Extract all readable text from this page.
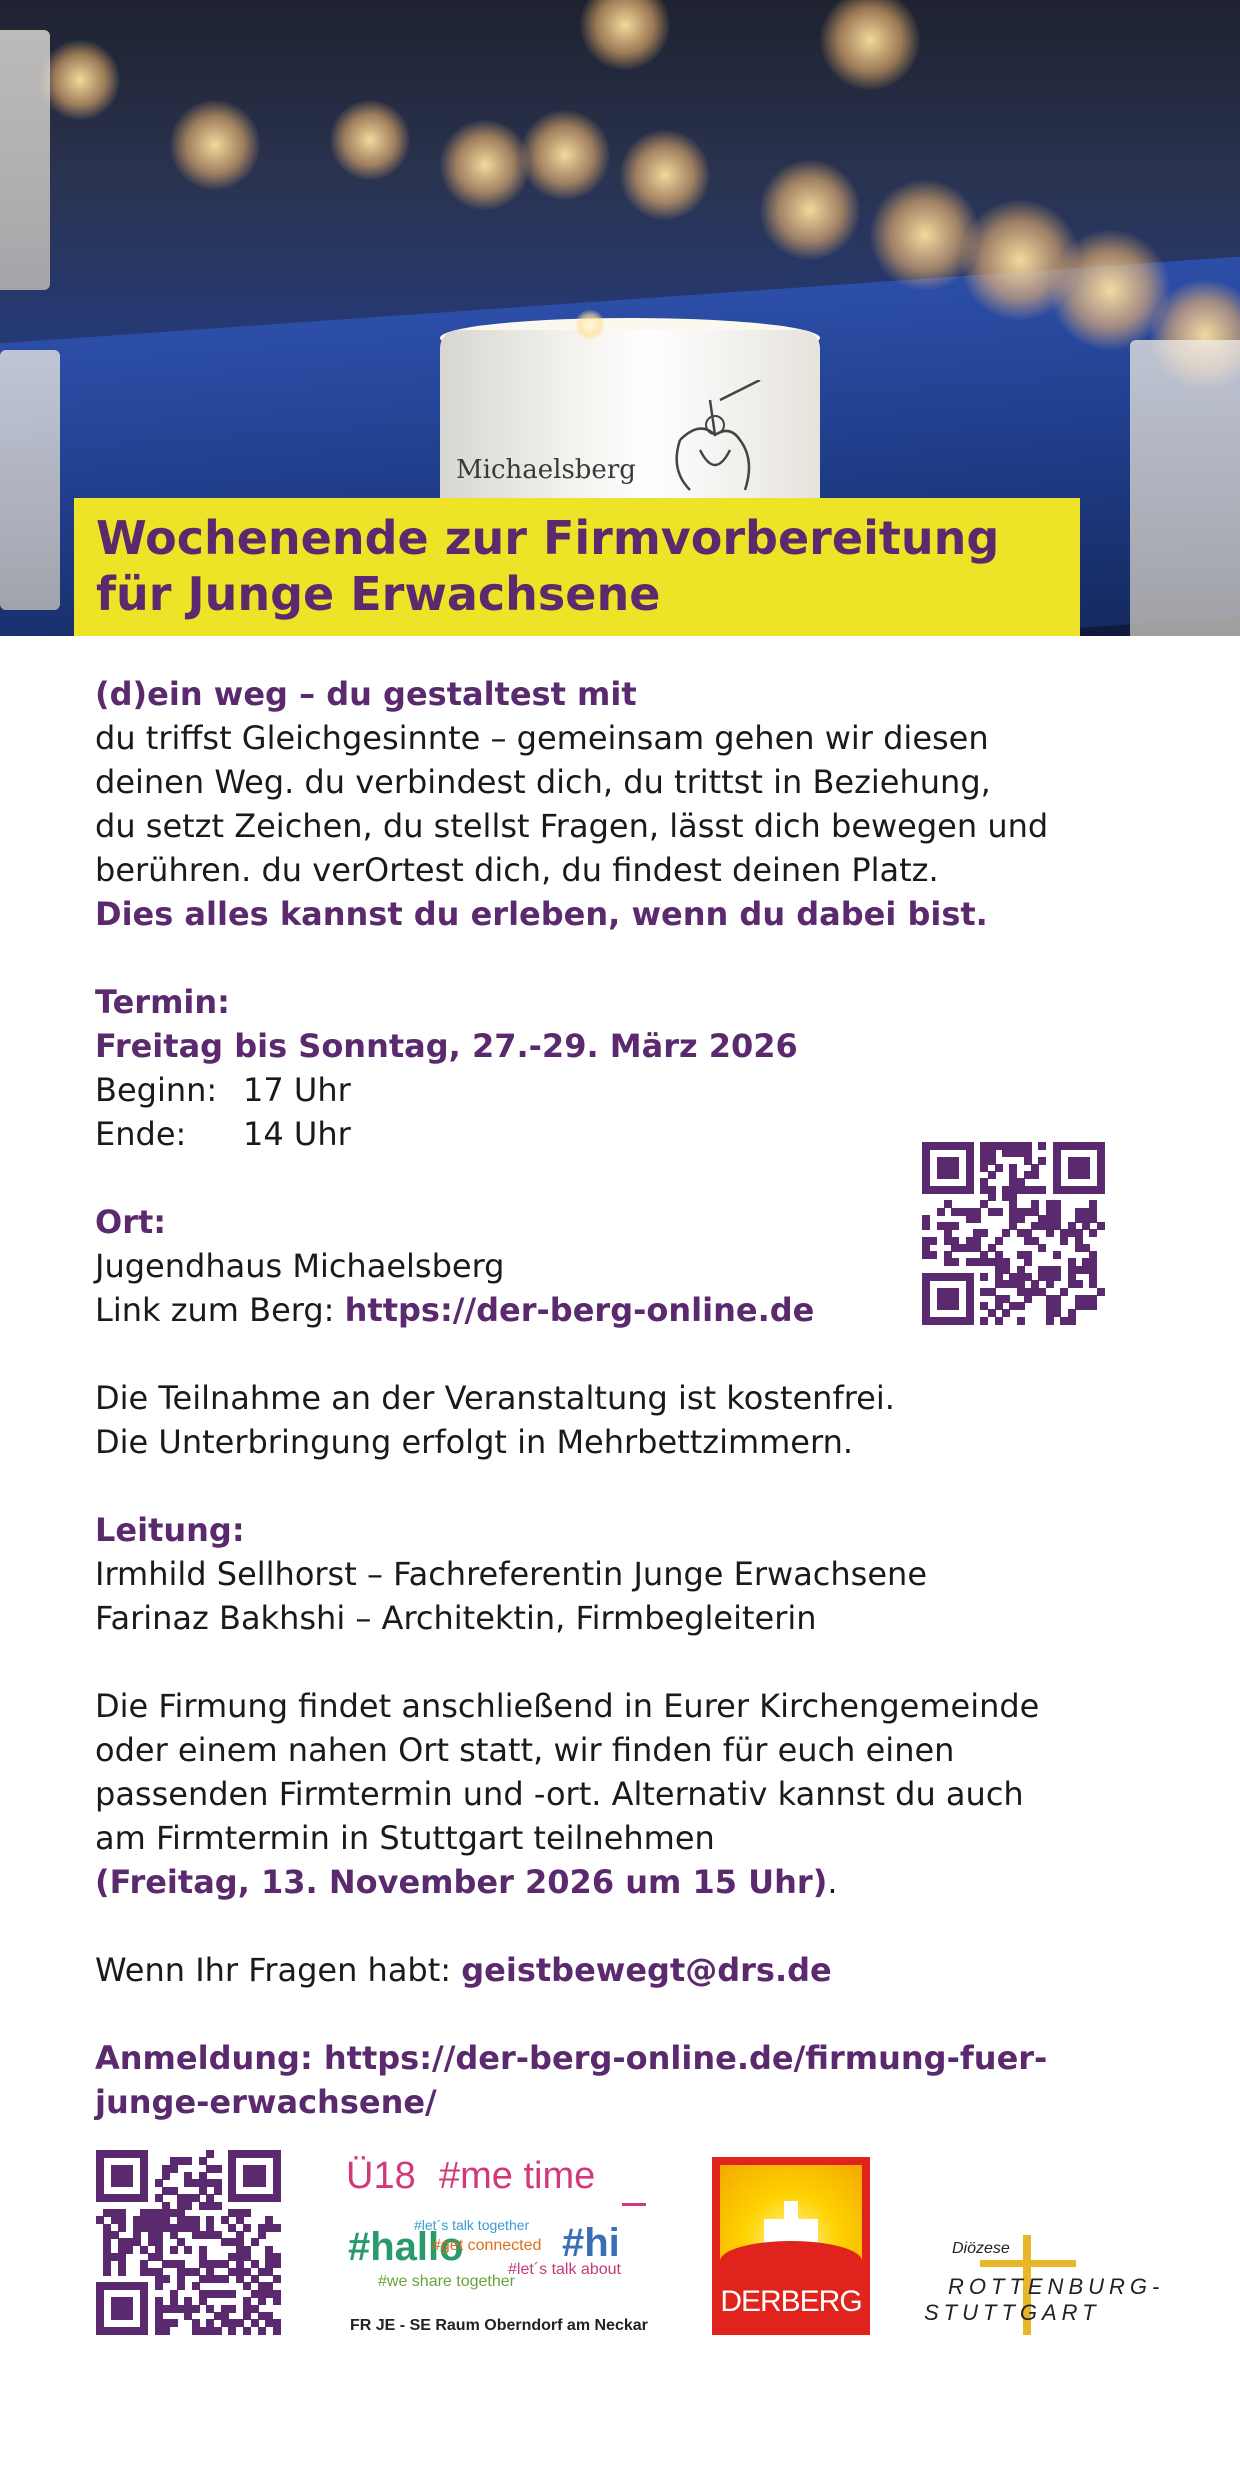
Michaelsberg
Wochenende zur Firmvorbereitung
für Junge Erwachsene

(d)ein weg – du gestaltest mit

du triffst Gleichgesinnte – gemeinsam gehen wir diesen

deinen Weg. du verbindest dich, du trittst in Beziehung,

du setzt Zeichen, du stellst Fragen, lässt dich bewegen und

berühren. du verOrtest dich, du findest deinen Platz.

Dies alles kannst du erleben, wenn du dabei bist.

Termin:

Freitag bis Sonntag, 27.-29. März 2026

Beginn: 17 Uhr
Ende:	14 Uhr

Ort:

Jugendhaus Michaelsberg

Link zum Berg: https://der-berg-online.de

Die Teilnahme an der Veranstaltung ist kostenfrei.

Die Unterbringung erfolgt in Mehrbettzimmern.

Leitung:

Irmhild Sellhorst – Fachreferentin Junge Erwachsene

Farinaz Bakhshi – Architektin, Firmbegleiterin

Die Firmung findet anschließend in Eurer Kirchengemeinde

oder einem nahen Ort statt, wir finden für euch einen

passenden Firmtermin und -ort. Alternativ kannst du auch

am Firmtermin in Stuttgart teilnehmen

(Freitag, 13. November 2026 um 15 Uhr).

Wenn Ihr Fragen habt: geistbewegt@drs.de

Anmeldung: https://der-berg-online.de/firmung-fuer-

junge-erwachsene/

Ü18 #me time
#let´s talk together
#hallo
#get connected #hi
#let´s talk about
#we share together
FR JE - SE Raum Oberndorf am Neckar
DERBERG
Diözese
ROTTENBURG-
STUTTGART
